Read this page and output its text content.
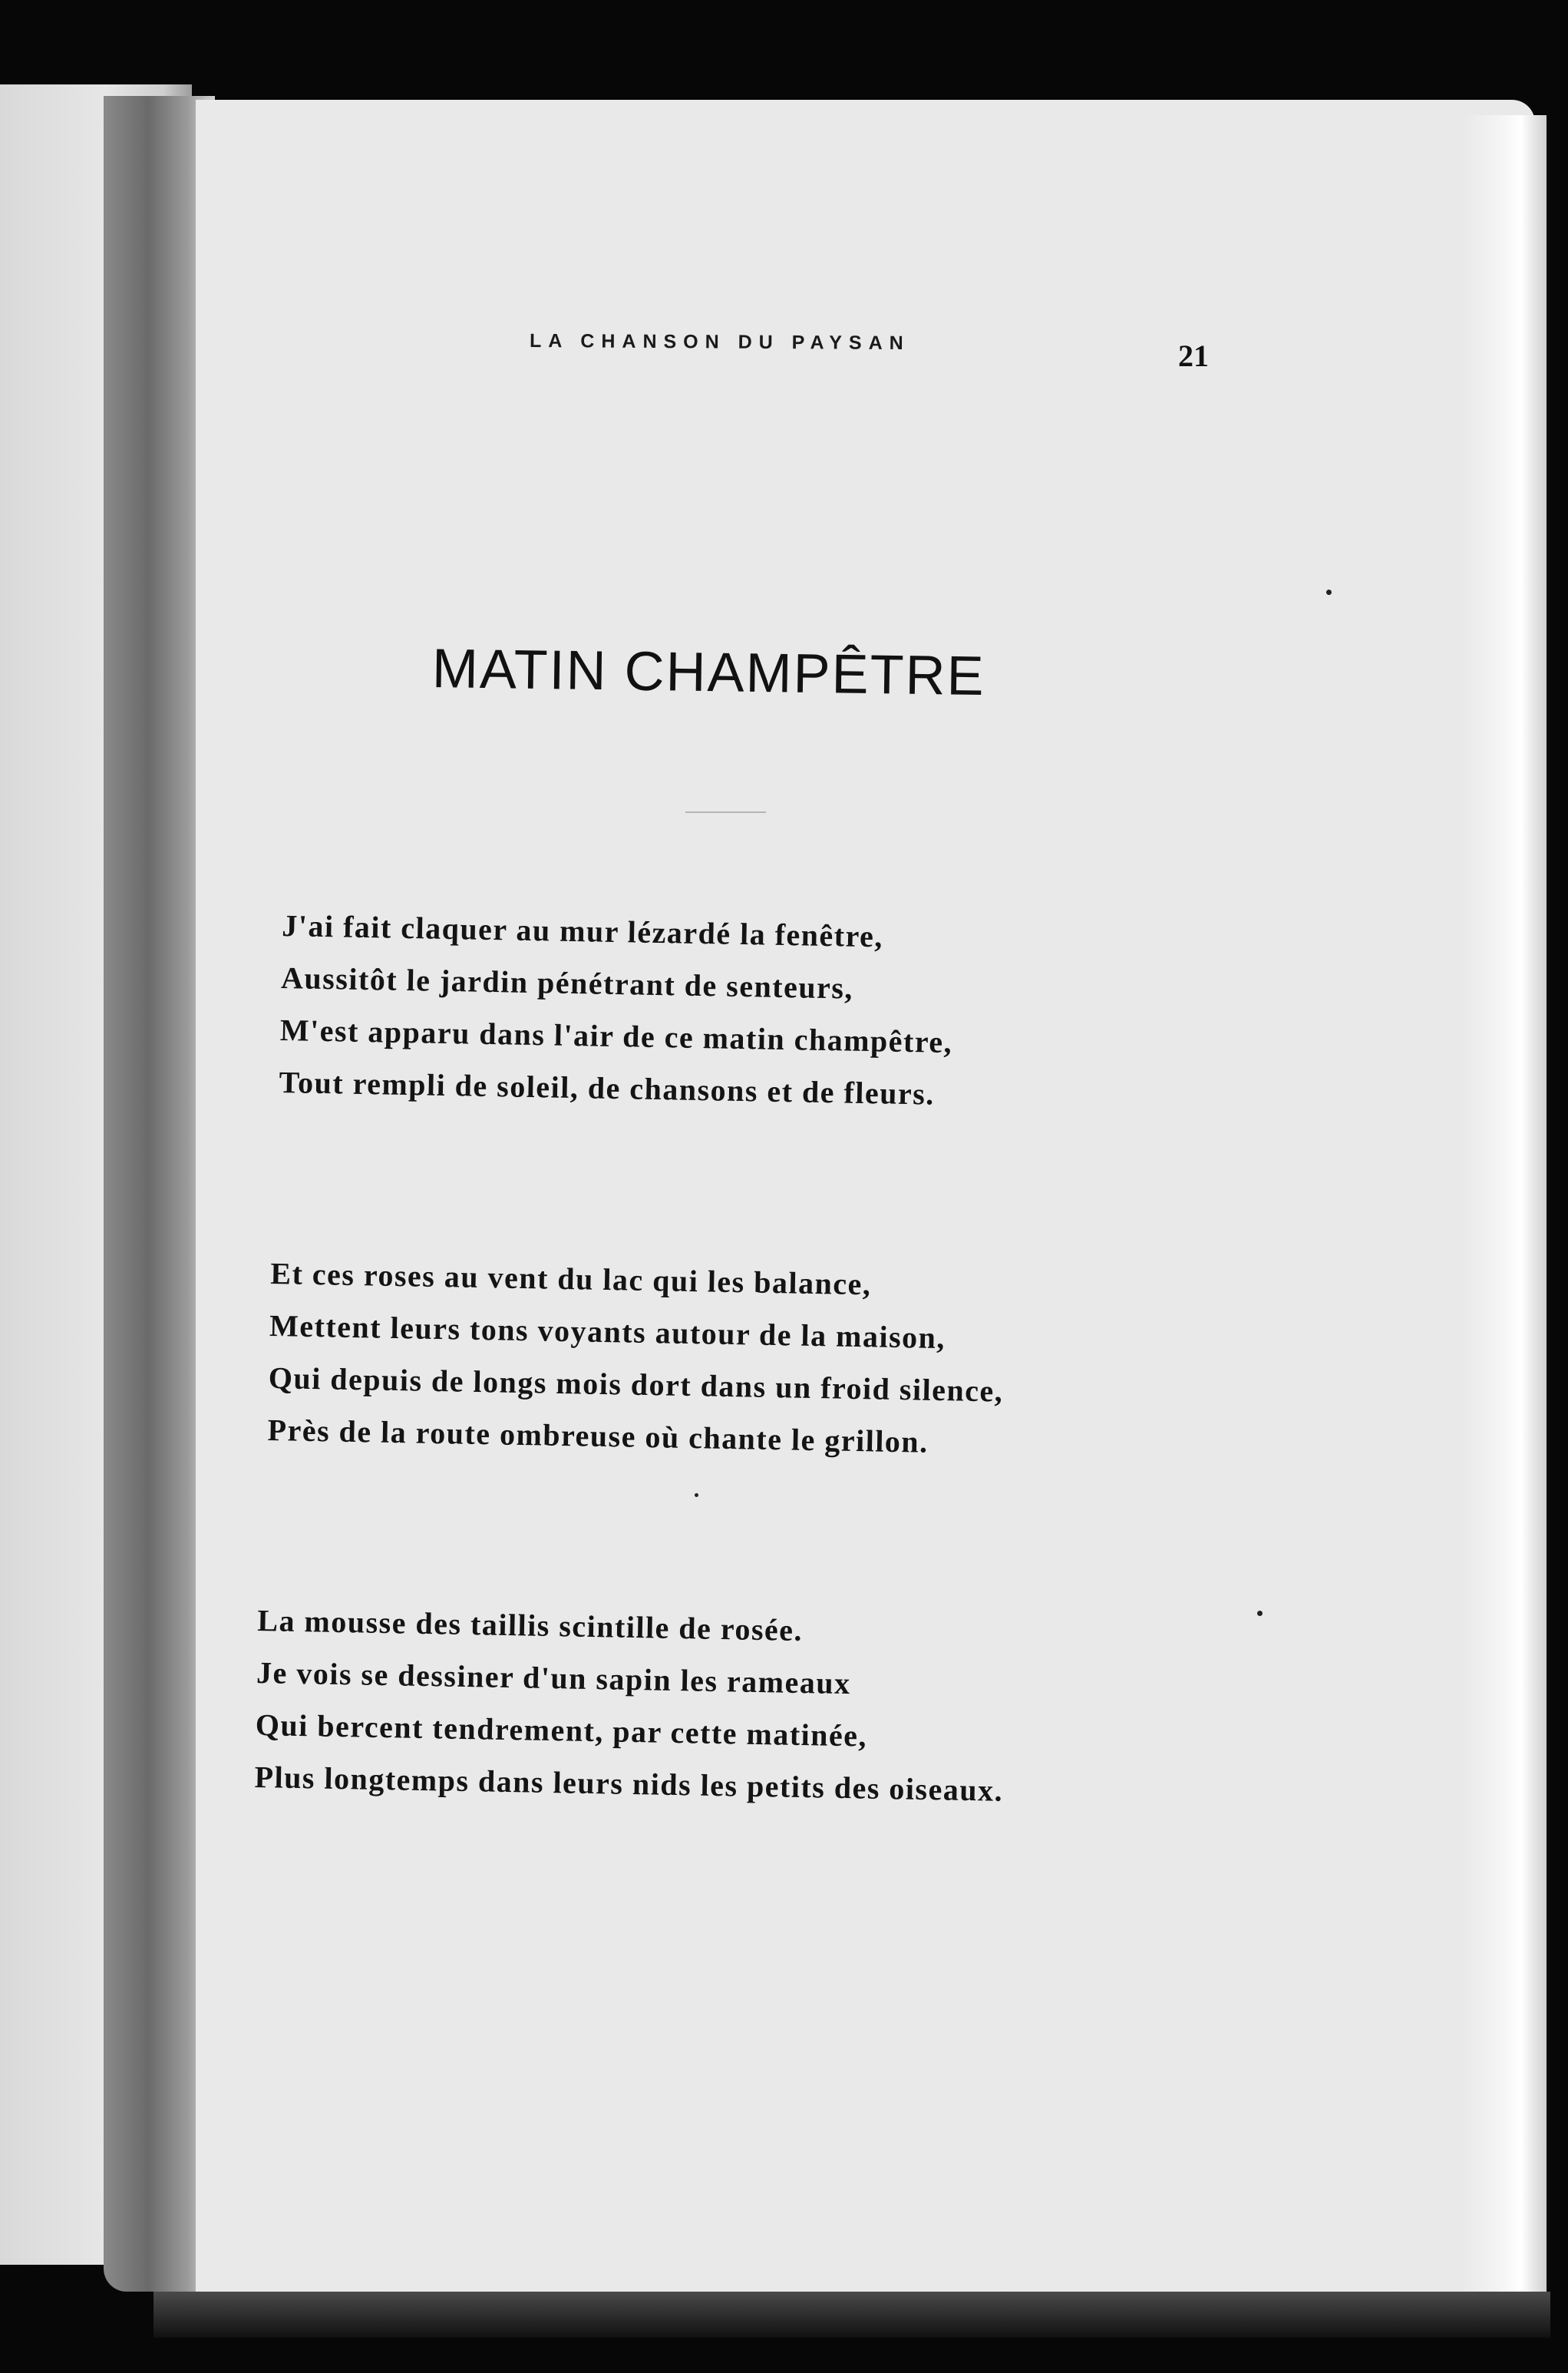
LA CHANSON DU PAYSAN	21
MATIN CHAMPÊTRE
J'ai fait claquer au mur lézardé la fenêtre,
Aussitôt le jardin pénétrant de senteurs,
M'est apparu dans l'air de ce matin champêtre,
Tout rempli de soleil, de chansons et de fleurs.
Et ces roses au vent du lac qui les balance,
Mettent leurs tons voyants autour de la maison,
Qui depuis de longs mois dort dans un froid silence,
Près de la route ombreuse où chante le grillon.
La mousse des taillis scintille de rosée.
Je vois se dessiner d'un sapin les rameaux
Qui bercent tendrement, par cette matinée,
Plus longtemps dans leurs nids les petits des oiseaux.
